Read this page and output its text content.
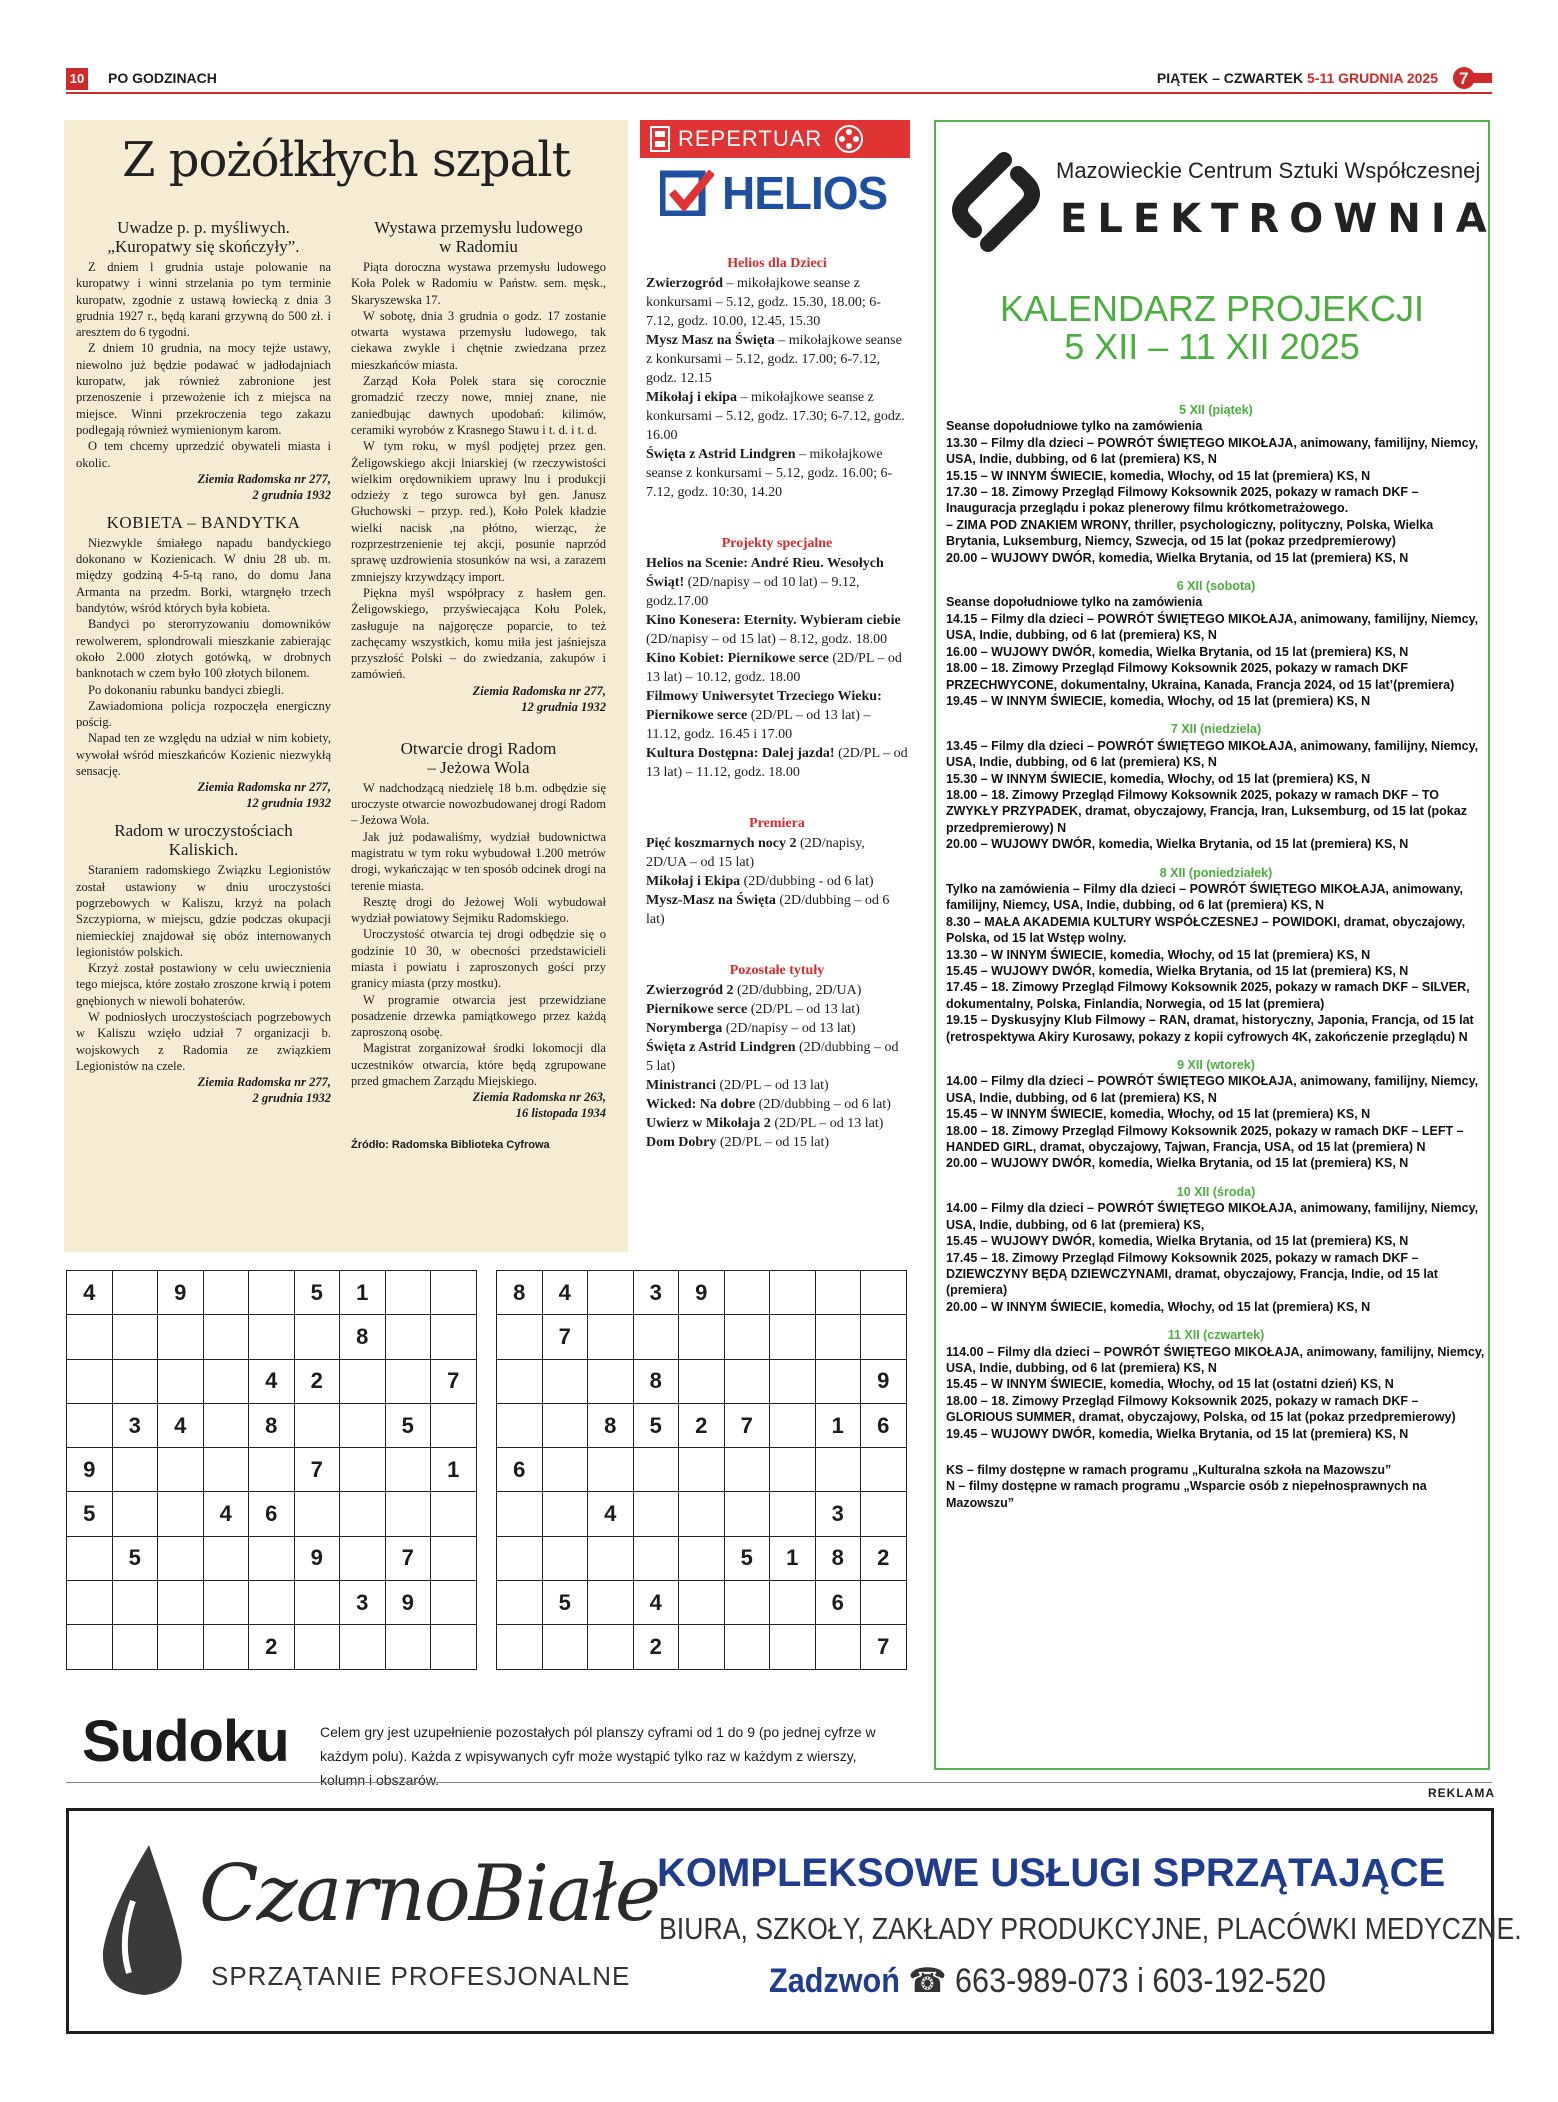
10 PO GODZINACH	PIĄTEK – CZWARTEK 5-11 GRUDNIA 2025 7
Z pożółkłych szpalt
Uwadze p. p. myśliwych.
„Kuropatwy się skończyły”.

Z dniem l grudnia ustaje polowanie na kuropatwy i winni strzelania po tym terminie kuropatw, zgodnie z ustawą łowiecką z dnia 3 grudnia 1927 r., będą karani grzywną do 500 zł. i aresztem do 6 tygodni.

Z dniem 10 grudnia, na mocy tejże ustawy, niewolno już będzie podawać w jadłodajniach kuropatw, jak również zabronione jest przenoszenie i przewożenie ich z miejsca na miejsce. Winni przekroczenia tego zakazu podlegają również wymienionym karom.

O tem chcemy uprzedzić obywateli miasta i okolic.

Ziemia Radomska nr 277,
2 grudnia 1932

KOBIETA – BANDYTKA

Niezwykle śmiałego napadu bandyckiego dokonano w Kozienicach. W dniu 28 ub. m. między godziną 4-5-tą rano, do domu Jana Armanta na przedm. Borki, wtargnęło trzech bandytów, wśród których była kobieta.

Bandyci po sterorryzowaniu domowników rewolwerem, splondrowali mieszkanie zabierając około 2.000 złotych gotówką, w drobnych banknotach w czem było 100 złotych bilonem.

Po dokonaniu rabunku bandyci zbiegli.

Zawiadomiona policja rozpoczęła energiczny pościg.

Napad ten ze względu na udział w nim kobiety, wywołał wśród mieszkańców Kozienic niezwykłą sensację.

Ziemia Radomska nr 277,
12 grudnia 1932

Radom w uroczystościach
Kaliskich.

Staraniem radomskiego Związku Legionistów został ustawiony w dniu uroczystości pogrzebowych w Kaliszu, krzyż na polach Szczypiorna, w miejscu, gdzie podczas okupacji niemieckiej znajdował się obóz internowanych legionistów polskich.

Krzyż został postawiony w celu uwiecznienia tego miejsca, które zostało zroszone krwią i potem gnębionych w niewoli bohaterów.

W podniosłych uroczystościach pogrzebowych w Kaliszu wzięło udział 7 organizacji b. wojskowych z Radomia ze związkiem Legionistów na czele.

Ziemia Radomska nr 277,
2 grudnia 1932

Wystawa przemysłu ludowego
w Radomiu

Piąta doroczna wystawa przemysłu ludowego Koła Polek w Radomiu w Państw. sem. męsk., Skaryszewska 17.

W sobotę, dnia 3 grudnia o godz. 17 zostanie otwarta wystawa przemysłu ludowego, tak ciekawa zwykle i chętnie zwiedzana przez mieszkańców miasta.

Zarząd Koła Polek stara się corocznie gromadzić rzeczy nowe, mniej znane, nie zaniedbując dawnych upodobań: kilimów, ceramiki wyrobów z Krasnego Stawu i t. d. i t. d.

W tym roku, w myśl podjętej przez gen. Żeligowskiego akcji lniarskiej (w rzeczywistości wielkim orędownikiem uprawy lnu i produkcji odzieży z tego surowca był gen. Janusz Głuchowski – przyp. red.), Koło Polek kładzie wielki nacisk ,na płótno, wierząc, że rozprzestrzenienie tej akcji, posunie naprzód sprawę uzdrowienia stosunków na wsi, a zarazem zmniejszy krzywdzący import.

Piękna myśl współpracy z hasłem gen. Żeligowskiego, przyświecająca Kołu Polek, zasługuje na najgoręcze poparcie, to też zachęcamy wszystkich, komu miła jest jaśniejsza przyszłość Polski – do zwiedzania, zakupów i zamówień.

Ziemia Radomska nr 277,
12 grudnia 1932

Otwarcie drogi Radom
– Jeżowa Wola

W nadchodzącą niedzielę 18 b.m. odbędzie się uroczyste otwarcie nowozbudowanej drogi Radom – Jeżowa Wola.

Jak już podawaliśmy, wydział budownictwa magistratu w tym roku wybudował 1.200 metrów drogi, wykańczając w ten sposób odcinek drogi na terenie miasta.

Resztę drogi do Jeżowej Woli wybudował wydział powiatowy Sejmiku Radomskiego.

Uroczystość otwarcia tej drogi odbędzie się o godzinie 10 30, w obecności przedstawicieli miasta i powiatu i zaproszonych gości przy granicy miasta (przy mostku).

W programie otwarcia jest przewidziane posadzenie drzewka pamiątkowego przez każdą zaproszoną osobę.

Magistrat zorganizował środki lokomocji dla uczestników otwarcia, które będą zgrupowane przed gmachem Zarządu Miejskiego.

Ziemia Radomska nr 263,
16 listopada 1934

Źródło: Radomska Biblioteka Cyfrowa
REPERTUAR
HELIOS
Helios dla Dzieci
Zwierzogród – mikołajkowe seanse z konkursami – 5.12, godz. 15.30, 18.00; 6-7.12, godz. 10.00, 12.45, 15.30
Mysz Masz na Święta – mikołajkowe seanse z konkursami – 5.12, godz. 17.00; 6-7.12, godz. 12.15
Mikołaj i ekipa – mikołajkowe seanse z konkursami – 5.12, godz. 17.30; 6-7.12, godz. 16.00
Święta z Astrid Lindgren – mikołajkowe seanse z konkursami – 5.12, godz. 16.00; 6-7.12, godz. 10:30, 14.20
Projekty specjalne
Helios na Scenie: André Rieu. Wesołych Świąt! (2D/napisy – od 10 lat) – 9.12, godz.17.00
Kino Konesera: Eternity. Wybieram ciebie (2D/napisy – od 15 lat) – 8.12, godz. 18.00
Kino Kobiet: Piernikowe serce (2D/PL – od 13 lat) – 10.12, godz. 18.00
Filmowy Uniwersytet Trzeciego Wieku: Piernikowe serce (2D/PL – od 13 lat) – 11.12, godz. 16.45 i 17.00
Kultura Dostępna: Dalej jazda! (2D/PL – od 13 lat) – 11.12, godz. 18.00
Premiera
Pięć koszmarnych nocy 2 (2D/napisy, 2D/UA – od 15 lat)
Mikołaj i Ekipa (2D/dubbing - od 6 lat)
Mysz-Masz na Święta (2D/dubbing – od 6 lat)
Pozostałe tytuły
Zwierzogród 2 (2D/dubbing, 2D/UA)
Piernikowe serce (2D/PL – od 13 lat)
Norymberga (2D/napisy – od 13 lat)
Święta z Astrid Lindgren (2D/dubbing – od 5 lat)
Ministranci (2D/PL – od 13 lat)
Wicked: Na dobre (2D/dubbing – od 6 lat)
Uwierz w Mikołaja 2 (2D/PL – od 13 lat)
Dom Dobry (2D/PL – od 15 lat)
Mazowieckie Centrum Sztuki Współczesnej
ELEKTROWNIA
KALENDARZ PROJEKCJI
5 XII – 11 XII 2025
5 XII (piątek)
Seanse dopołudniowe tylko na zamówienia
13.30 – Filmy dla dzieci – POWRÓT ŚWIĘTEGO MIKOŁAJA, animowany, familijny, Niemcy, USA, Indie, dubbing, od 6 lat (premiera) KS, N
15.15 – W INNYM ŚWIECIE, komedia, Włochy, od 15 lat (premiera) KS, N
17.30 – 18. Zimowy Przegląd Filmowy Koksownik 2025, pokazy w ramach DKF – Inauguracja przeglądu i pokaz plenerowy filmu krótkometrażowego.
– ZIMA POD ZNAKIEM WRONY, thriller, psychologiczny, polityczny, Polska, Wielka Brytania, Luksemburg, Niemcy, Szwecja, od 15 lat (pokaz przedpremierowy)
20.00 – WUJOWY DWÓR, komedia, Wielka Brytania, od 15 lat (premiera) KS, N
6 XII (sobota)
Seanse dopołudniowe tylko na zamówienia
14.15 – Filmy dla dzieci – POWRÓT ŚWIĘTEGO MIKOŁAJA, animowany, familijny, Niemcy, USA, Indie, dubbing, od 6 lat (premiera) KS, N
16.00 – WUJOWY DWÓR, komedia, Wielka Brytania, od 15 lat (premiera) KS, N
18.00 – 18. Zimowy Przegląd Filmowy Koksownik 2025, pokazy w ramach DKF PRZECHWYCONE, dokumentalny, Ukraina, Kanada, Francja 2024, od 15 lat’(premiera)
19.45 – W INNYM ŚWIECIE, komedia, Włochy, od 15 lat (premiera) KS, N
7 XII (niedziela)
13.45 – Filmy dla dzieci – POWRÓT ŚWIĘTEGO MIKOŁAJA, animowany, familijny, Niemcy, USA, Indie, dubbing, od 6 lat (premiera) KS, N
15.30 – W INNYM ŚWIECIE, komedia, Włochy, od 15 lat (premiera) KS, N
18.00 – 18. Zimowy Przegląd Filmowy Koksownik 2025, pokazy w ramach DKF – TO ZWYKŁY PRZYPADEK, dramat, obyczajowy, Francja, Iran, Luksemburg, od 15 lat (pokaz przedpremierowy) N
20.00 – WUJOWY DWÓR, komedia, Wielka Brytania, od 15 lat (premiera) KS, N
8 XII (poniedziałek)
Tylko na zamówienia – Filmy dla dzieci – POWRÓT ŚWIĘTEGO MIKOŁAJA, animowany, familijny, Niemcy, USA, Indie, dubbing, od 6 lat (premiera) KS, N
8.30 – MAŁA AKADEMIA KULTURY WSPÓŁCZESNEJ – POWIDOKI, dramat, obyczajowy, Polska, od 15 lat Wstęp wolny.
13.30 – W INNYM ŚWIECIE, komedia, Włochy, od 15 lat (premiera) KS, N
15.45 – WUJOWY DWÓR, komedia, Wielka Brytania, od 15 lat (premiera) KS, N
17.45 – 18. Zimowy Przegląd Filmowy Koksownik 2025, pokazy w ramach DKF – SILVER, dokumentalny, Polska, Finlandia, Norwegia, od 15 lat (premiera)
19.15 – Dyskusyjny Klub Filmowy – RAN, dramat, historyczny, Japonia, Francja, od 15 lat (retrospektywa Akiry Kurosawy, pokazy z kopii cyfrowych 4K, zakończenie przeglądu) N
9 XII (wtorek)
14.00 – Filmy dla dzieci – POWRÓT ŚWIĘTEGO MIKOŁAJA, animowany, familijny, Niemcy, USA, Indie, dubbing, od 6 lat (premiera) KS, N
15.45 – W INNYM ŚWIECIE, komedia, Włochy, od 15 lat (premiera) KS, N
18.00 – 18. Zimowy Przegląd Filmowy Koksownik 2025, pokazy w ramach DKF – LEFT – HANDED GIRL, dramat, obyczajowy, Tajwan, Francja, USA, od 15 lat (premiera) N
20.00 – WUJOWY DWÓR, komedia, Wielka Brytania, od 15 lat (premiera) KS, N
10 XII (środa)
14.00 – Filmy dla dzieci – POWRÓT ŚWIĘTEGO MIKOŁAJA, animowany, familijny, Niemcy, USA, Indie, dubbing, od 6 lat (premiera) KS,
15.45 – WUJOWY DWÓR, komedia, Wielka Brytania, od 15 lat (premiera) KS, N
17.45 – 18. Zimowy Przegląd Filmowy Koksownik 2025, pokazy w ramach DKF – DZIEWCZYNY BĘDĄ DZIEWCZYNAMI, dramat, obyczajowy, Francja, Indie, od 15 lat (premiera)
20.00 – W INNYM ŚWIECIE, komedia, Włochy, od 15 lat (premiera) KS, N
11 XII (czwartek)
114.00 – Filmy dla dzieci – POWRÓT ŚWIĘTEGO MIKOŁAJA, animowany, familijny, Niemcy, USA, Indie, dubbing, od 6 lat (premiera) KS, N
15.45 – W INNYM ŚWIECIE, komedia, Włochy, od 15 lat (ostatni dzień) KS, N
18.00 – 18. Zimowy Przegląd Filmowy Koksownik 2025, pokazy w ramach DKF – GLORIOUS SUMMER, dramat, obyczajowy, Polska, od 15 lat (pokaz przedpremierowy)
19.45 – WUJOWY DWÓR, komedia, Wielka Brytania, od 15 lat (premiera) KS, N
KS – filmy dostępne w ramach programu „Kulturalna szkoła na Mazowszu”
N – filmy dostępne w ramach programu „Wsparcie osób z niepełnosprawnych na Mazowszu”
4		9			5	1		
						8		
				4	2			7
	3	4		8			5	
9					7			1
5			4	6				
	5				9		7	
						3	9	
				2				
8	4		3	9				
	7							
			8					9
		8	5	2	7		1	6
6								
		4					3	
					5	1	8	2
	5		4				6	
			2					7
Sudoku Celem gry jest uzupełnienie pozostałych pól planszy cyframi od 1 do 9 (po jednej cyfrze w każdym polu). Każda z wpisywanych cyfr może wystąpić tylko raz w każdym z wierszy, kolumn i obszarów.
REKLAMA
CzarnoBiałe
SPRZĄTANIE PROFESJONALNE
KOMPLEKSOWE USŁUGI SPRZĄTAJĄCE
BIURA, SZKOŁY, ZAKŁADY PRODUKCYJNE, PLACÓWKI MEDYCZNE.
Zadzwoń ☎ 663-989-073 i 603-192-520
